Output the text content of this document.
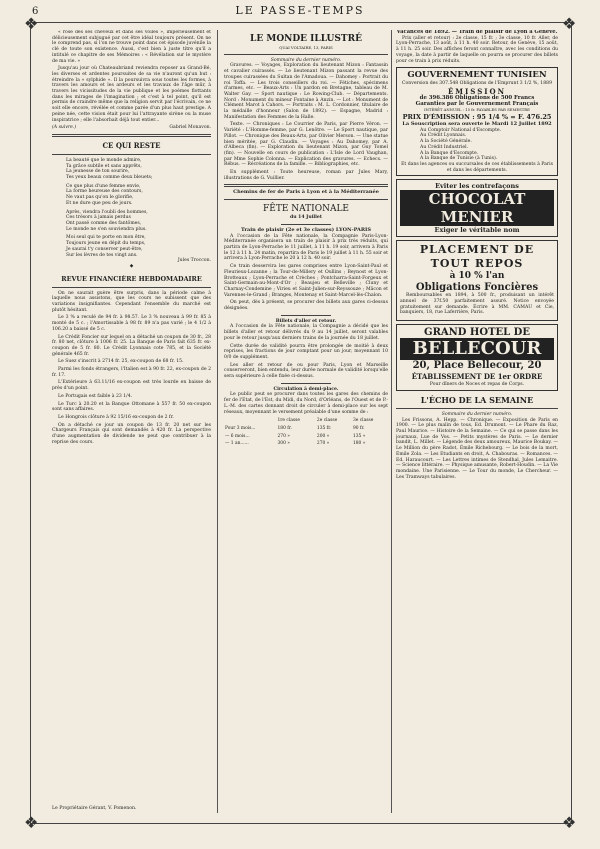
6	LE PASSE-TEMPS
❖	❖
❖	❖

« rosé des ses cheveux et dans ses voiles », impérieusement et délicieusement subjugué par cet être idéal toujours présent. On ne le comprend pas, si l'on ne trouve point dans cet épisode juvénile la clé de toute son existence. Aussi, c'est bien à juste titre qu'il a intitulé ce chapitre de ses Mémoires : « Révélation sur le mystère de ma vie. »

Jusqu'au jour où Chateaubriand reviendra reposer au Grand-Bé, les diverses et ardentes poursuites de sa vie n'auront qu'un but : étreindre la « sylphide ». Il la poursuivra sous toutes les formes, à travers les amours et les ardeurs et les travaux de l'âge mûr, à travers les vicissitudes de la vie publique et les poèmes flottants dans les mirages de l'imagination ; et c'est à tel point, qu'il est permis de craindre même que la religion servit par l'écrivain, ce ne soit elle encore, révélée et comme parée d'un plus haut prestige. A peine née, cette vision était pour lui l'attrayante sirène ou la muse inspiratrice ; elle l'absorbait déjà tout entier...

(A suivre.)	Gabriel Monavon.
CE QUI RESTE

La beauté que le monde admire,

Ta grâce subtile et sans apprêts,

La jeunesse de ton sourire,

Tes yeux beaux comme deux bleuets;

Ce que plus d'une femme envie,

La forme heureuse des contours,

Ne vaut pas qu'on le glorifie,

Et ne dure que peu de jours.

Après, viendra l'oubli des hommes,

Ces trésors à jamais perdus

Ont passé comme des fantômes,

Le monde ne s'en souviendra plus.

Moi seul qui te porte en mon être,

Toujours jeune en dépit du temps,

Je saurai t'y conserver peut-être,

Sur les lèvres de tes vingt ans.

Jules Troccon.
◆
REVUE FINANCIÈRE HEBDOMADAIRE

On ne saurait guère être surpris, dans la période calme à laquelle nous assistons, que les cours ne subissent que des variations insignifiantes. Cependant l'ensemble du marché est plutôt hésitant.

Le 3 % a reculé de 94 fr. à 98.57. Le 3 % nouveau à 99 fr. 85 à monté de 5 c. ; l'Amortissable à 98 fr. 89 n'a pas varié ; le 4 1/2 à 106.20 a baissé de 5 c.

Le Crédit Foncier sur lequel on a détaché un coupon de 30 fr., 28 fr. 80 net, clôture à 1006 fr. 25. La Banque de Paris fait 635 fr. ex-coupon de 5 fr. 80. Le Crédit Lyonnais cote 785, et la Société générale 465 fr.

Le Suez s'inscrit à 2714 fr. 25, ex-coupon de 68 fr. 15.

Parmi les fonds étrangers, l'Italien est à 90 fr. 22, ex-coupon de 2 fr. 17.

L'Extérieure à 63.11/16 ex-coupon est très lourde en baisse de près d'un point.

Le Portugais est faible à 23 1/4.

Le Turc à 20.20 et la Banque Ottomane à 557 fr. 50 ex-coupon sont sans affaires.

Le Hongrois clôture à 92 15/16 ex-coupon de 2 fr.

On a détaché ce jour un coupon de 13 fr. 20 net sur les Chargeurs Français qui sont demandés à 420 fr. La perspective d'une augmentation de dividende ne peut que contribuer à la reprise des cours.

Le Propriétaire Gérant, V. Pomenon.
LE MONDE ILLUSTRÉ
QUAI VOLTAIRE, 13, PARIS
Sommaire du dernier numéro.

Gravures. — Voyages, Exploration du lieutenant Mizon : Fantassin et cavalier cuirassés. — Le lieutenant Mizon passant la revue des troupes cuirassées du Sultan de l'Amadoua. — Dahomey : Portrait du roi Toffa. — Les trois conseillers du roi. — Fétiches, spécimens d'armes, etc. — Beaux-Arts : Un pardon en Bretagne, tableau de M. Walter Gay. — Sport nautique : Le Rowing-Club. — Départements. Nord : Monument du mineur Fontaine à Anzin. — Lot : Monument de Clément Marot à Cahors. — Portraits : M. L. Cordonnier, titulaire de la médaille d'honneur (Salon de 1892). — Espagne, Madrid : Manifestation des Femmes de la Halle.

Texte. — Chroniques : Le Courrier de Paris, par Pierre Véron. — Variété : L'Homme-femme, par G. Lenôtre. — Le Sport nautique, par Pillot. — Chronique des Beaux-Arts, par Olivier Merson. — Une statue bien méritée, par G. Claudin. — Voyages : Au Dahomey, par A. d'Albeca (fin). — Exploration du lieutenant Mizon, par Guy Tomel (fin). — Nouvelle en cours de publication : L'Isle de Lord Vaughan, par Mme Sophie Colonna. — Explication des gravures. — Echecs. — Rébus. — Récréations de la famille. — Bibliographies, etc.

En supplément : Toute heureuse, roman par Jules Mary, illustrations de G. Vuillier.

Chemins de fer de Paris à Lyon et à la Méditerranée
FÊTE NATIONALE
du 14 Juillet
Train de plaisir (2e et 3e classes) LYON-PARIS

A l'occasion de la Fête nationale, la Compagnie Paris-Lyon-Méditerranée organisera un train de plaisir à prix très réduits, qui partira de Lyon-Perrache le 11 juillet, à 11 h. 19 soir, arrivera à Paris le 12 à 11 h. 24 matin, repartira de Paris le 19 juillet à 11 h. 55 soir et arrivera à Lyon-Perrache le 20 à 12 h. 40 soir.

Ce train desservira les gares comprises entre Lyon-Saint-Paul et Fleurieux-Lozanne ; la Tour-de-Millery et Oullins ; Beynost et Lyon-Brotteaux ; Lyon-Perrache et Crèches ; Pontcharra-Saint-Forgeux et Saint-Germain-au-Mont-d'Or ; Beaujeu et Belleville ; Cluny et Charnay-Condemine ; Virieu et Saint-Julien-sur-Reyssouze ; Mâcon et Varennes-le-Grand ; Branges, Montenay et Saint-Marcel-lès-Chalon.

On peut, dès à présent, se procurer des billets aux gares ci-dessus désignées.

Billets d'aller et retour.

A l'occasion de la Fête nationale, la Compagnie a décidé que les billets d'aller et retour délivrés du 9 au 14 juillet, seront valables pour le retour jusqu'aux derniers trains de la journée du 18 juillet.

Cette durée de validité pourra être prolongée de moitié à deux reprises, les fractions de jour comptant pour un jour, moyennant 10 0/0 de supplément.

Les aller et retour de ou pour Paris, Lyon et Marseille conserveront, bien entendu, leur durée normale de validité lorsqu'elle sera supérieure à celle fixée ci-dessus.

Circulation à demi-place.

Le public peut se procurer dans toutes les gares des chemins de fer de l'Etat, de l'Est, du Midi, du Nord, d'Orléans, de l'Ouest et de P.-L.-M. des cartes donnant droit de circuler à demi-place sur les sept réseaux, moyennant le versement préalable d'une somme de :

	1re classe	2e classe	3e classe
Pour 3 mois...	180 fr.	135 fr.	90 fr.
— 6 mois...	270 »	200 »	135 »
— 1 an......	300 »	270 »	180 »
Vacances de 1892. — Train de plaisir de Lyon à Genève.

Prix (aller et retour) : 2e classe, 15 fr. ; 3e classe, 10 fr. Aller, de Lyon-Perrache, 13 août, à 11 h. 40 soir. Retour, de Genève, 15 août, à 11 h. 25 soir. Des affiches feront connaître, avec les conditions du voyage, la date à partir de laquelle on pourra se procurer des billets pour ce train à prix réduits.

GOUVERNEMENT TUNISIEN
Conversion des 307.548 Obligations de l'Emprunt 3 1/2 %, 1889
ÉMISSION
de 396.386 Obligations de 500 Francs
Garanties par le Gouvernement Français
INTÉRÊT ANNUEL : 15 fr. PAYABLES PAR SEMESTRE
PRIX D'ÉMISSION : 95 1/4 % = F. 476.25
La Souscription sera ouverte le Mardi 12 Juillet 1892
Au Comptoir National d'Escompte.
Au Crédit Lyonnais.
A la Société Générale.
Au Crédit Industriel.
A la Banque d'Escompte.
A la Banque de Tunisie (à Tunis).
Et dans les agences ou succursales de ces établissements à Paris et dans les départements.
Eviter les contrefaçons
CHOCOLAT MENIER
Exiger le véritable nom
PLACEMENT DE TOUT REPOS
à 10 % l'an
Obligations Foncières

Remboursables en 1894, à 500 fr., produisant un intérêt annuel de 37f.50 parfaitement assuré. Notice envoyée gratuitement sur demande. Écrire à MM. CAMAU et Cie, banquiers, 18, rue Laferrière, Paris.

GRAND HOTEL DE
BELLECOUR
20, Place Bellecour, 20
ÉTABLISSEMENT DE 1er ORDRE
Pour dîners de Noces et repas de Corps.
L'ÉCHO DE LA SEMAINE
Sommaire du dernier numéro.

Les Frissons, A. Hepp. — Chronique. — Exposition de Paris en 1900. — Le plus malin de tous, Ed. Drumont. — Le Phare du Raz, Paul Maurice. — Histoire de la Semaine. — Ce qui se passe dans les journaux, Lue de Vos. — Petits mystères de Paris. — Le dernier bandit, L. Millet. — Légende des deux amoureux, Maurice Boukay. — Le Million du père Radot, Émile Richebourg. — Le bois de la mort, Émile Zola. — Les Etudiants en droit, A. Chabouras. — Romances. — Ed. Haraucourt. — Les Lettres intimes de Stendhal, Jules Lemaitre. — Science littéraire. — Physique amusante, Robert-Houdin. — La Vie mondaine. Une Parisienne. — Le Tour du monde, Le Chercheur. — Les Tramways tabulaires.
